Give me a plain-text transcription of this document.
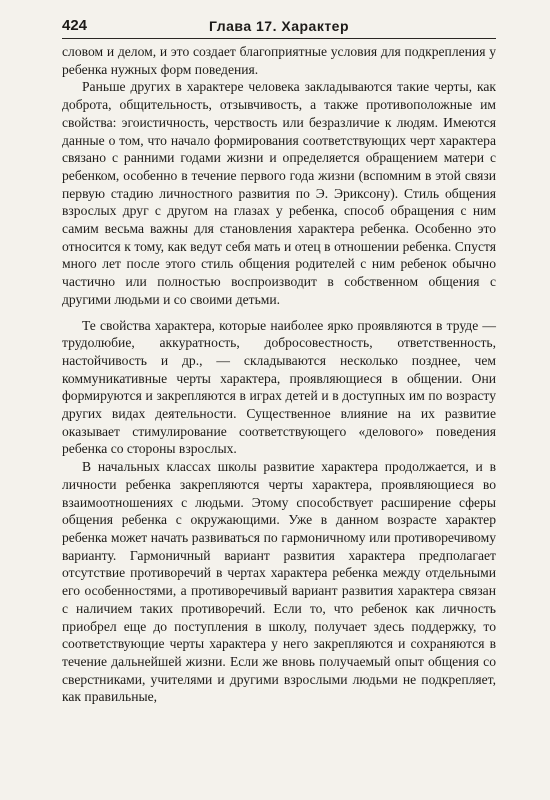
424	Глава 17. Характер

словом и делом, и это создает благоприятные условия для подкрепления у ребенка нужных форм поведения.

Раньше других в характере человека закладываются такие черты, как доброта, общительность, отзывчивость, а также противоположные им свойства: эгоистичность, черствость или безразличие к людям. Имеются данные о том, что начало формирования соответствующих черт характера связано с ранними годами жизни и определяется обращением матери с ребенком, особенно в течение первого года жизни (вспомним в этой связи первую стадию личностного развития по Э. Эриксону). Стиль общения взрослых друг с другом на глазах у ребенка, способ обращения с ним самим весьма важны для становления характера ребенка. Особенно это относится к тому, как ведут себя мать и отец в отношении ребенка. Спустя много лет после этого стиль общения родителей с ним ребенок обычно частично или полностью воспроизводит в собственном общения с другими людьми и со своими детьми.

Те свойства характера, которые наиболее ярко проявляются в труде — трудолюбие, аккуратность, добросовестность, ответственность, настойчивость и др., — складываются несколько позднее, чем коммуникативные черты характера, проявляющиеся в общении. Они формируются и закрепляются в играх детей и в доступных им по возрасту других видах деятельности. Существенное влияние на их развитие оказывает стимулирование соответствующего «делового» поведения ребенка со стороны взрослых.

В начальных классах школы развитие характера продолжается, и в личности ребенка закрепляются черты характера, проявляющиеся во взаимоотношениях с людьми. Этому способствует расширение сферы общения ребенка с окружающими. Уже в данном возрасте характер ребенка может начать развиваться по гармоничному или противоречивому варианту. Гармоничный вариант развития характера предполагает отсутствие противоречий в чертах характера ребенка между отдельными его особенностями, а противоречивый вариант развития характера связан с наличием таких противоречий. Если то, что ребенок как личность приобрел еще до поступления в школу, получает здесь поддержку, то соответствующие черты характера у него закрепляются и сохраняются в течение дальнейшей жизни. Если же вновь получаемый опыт общения со сверстниками, учителями и другими взрослыми людьми не подкрепляет, как правильные,
